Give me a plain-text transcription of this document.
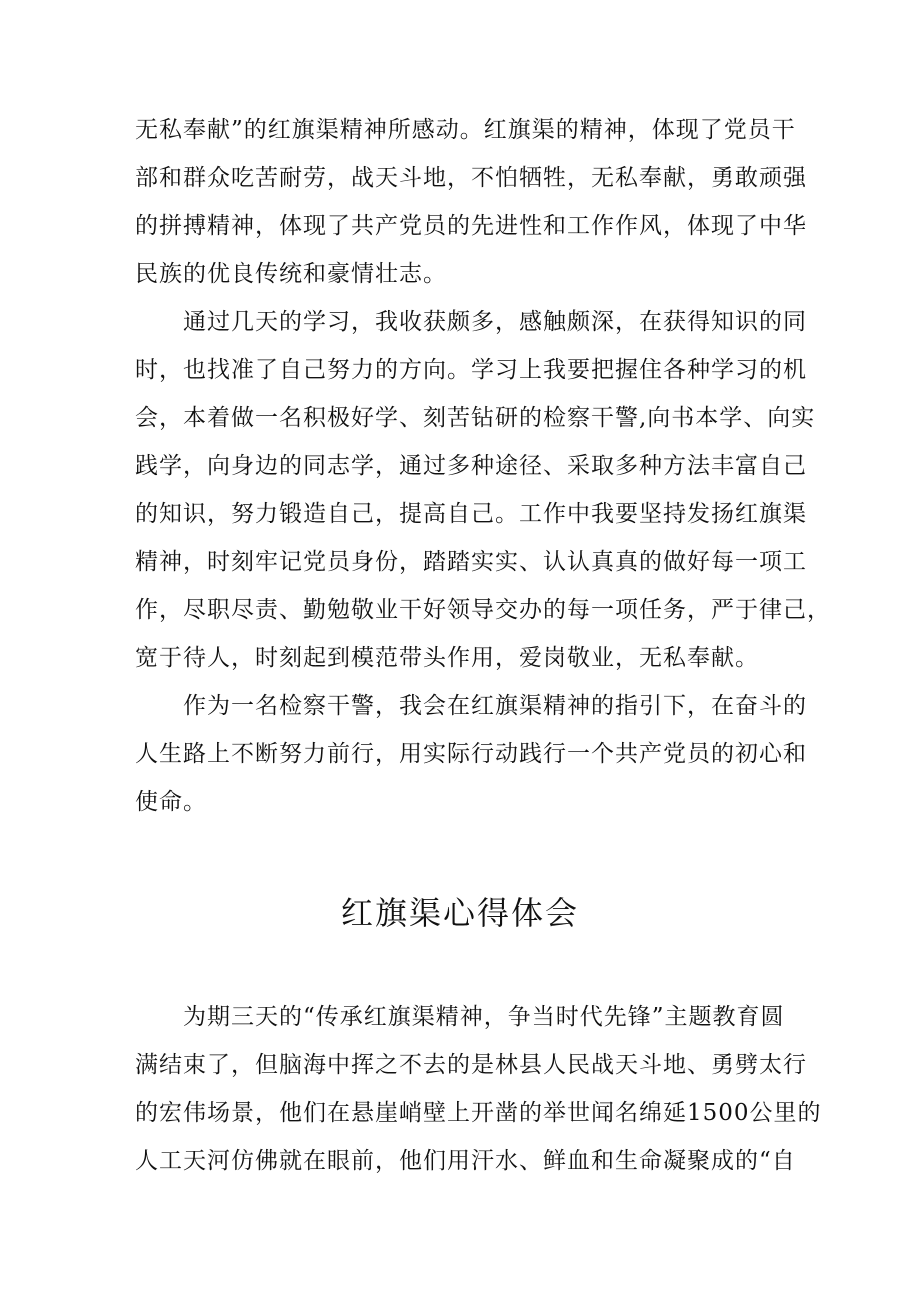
无私奉献”的红旗渠精神所感动。红旗渠的精神，体现了党员干
部和群众吃苦耐劳，战天斗地，不怕牺牲，无私奉献，勇敢顽强
的拼搏精神，体现了共产党员的先进性和工作作风，体现了中华
民族的优良传统和豪情壮志。
通过几天的学习，我收获颇多，感触颇深，在获得知识的同
时，也找准了自己努力的方向。学习上我要把握住各种学习的机
会，本着做一名积极好学、刻苦钻研的检察干警,向书本学、向实
践学，向身边的同志学，通过多种途径、采取多种方法丰富自己
的知识，努力锻造自己，提高自己。工作中我要坚持发扬红旗渠
精神，时刻牢记党员身份，踏踏实实、认认真真的做好每一项工
作，尽职尽责、勤勉敬业干好领导交办的每一项任务，严于律己，
宽于待人，时刻起到模范带头作用，爱岗敬业，无私奉献。
作为一名检察干警，我会在红旗渠精神的指引下，在奋斗的
人生路上不断努力前行，用实际行动践行一个共产党员的初心和
使命。
红旗渠心得体会
为期三天的“传承红旗渠精神，争当时代先锋”主题教育圆
满结束了，但脑海中挥之不去的是林县人民战天斗地、勇劈太行
的宏伟场景，他们在悬崖峭壁上开凿的举世闻名绵延1500公里的
人工天河仿佛就在眼前，他们用汗水、鲜血和生命凝聚成的“自
